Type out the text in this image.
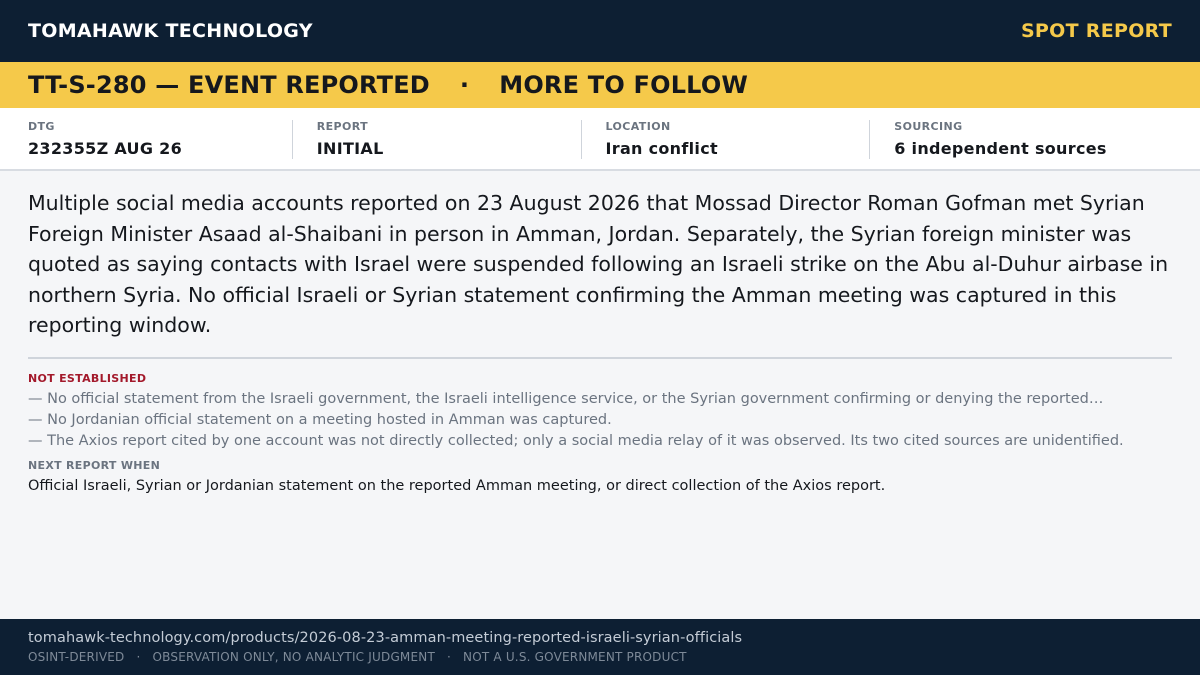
TOMAHAWK TECHNOLOGY	SPOT REPORT
TT-S-280 — EVENT REPORTED · MORE TO FOLLOW
DTG
232355Z AUG 26
REPORT
INITIAL
LOCATION
Iran conflict
SOURCING
6 independent sources

Multiple social media accounts reported on 23 August 2026 that Mossad Director Roman Gofman met Syrian Foreign Minister Asaad al-Shaibani in person in Amman, Jordan. Separately, the Syrian foreign minister was quoted as saying contacts with Israel were suspended following an Israeli strike on the Abu al-Duhur airbase in northern Syria. No official Israeli or Syrian statement confirming the Amman meeting was captured in this reporting window.

NOT ESTABLISHED
— No official statement from the Israeli government, the Israeli intelligence service, or the Syrian government confirming or denying the reported…
— No Jordanian official statement on a meeting hosted in Amman was captured.
— The Axios report cited by one account was not directly collected; only a social media relay of it was observed. Its two cited sources are unidentified.
NEXT REPORT WHEN
Official Israeli, Syrian or Jordanian statement on the reported Amman meeting, or direct collection of the Axios report.
tomahawk-technology.com/products/2026-08-23-amman-meeting-reported-israeli-syrian-officials
OSINT-DERIVED · OBSERVATION ONLY, NO ANALYTIC JUDGMENT · NOT A U.S. GOVERNMENT PRODUCT
